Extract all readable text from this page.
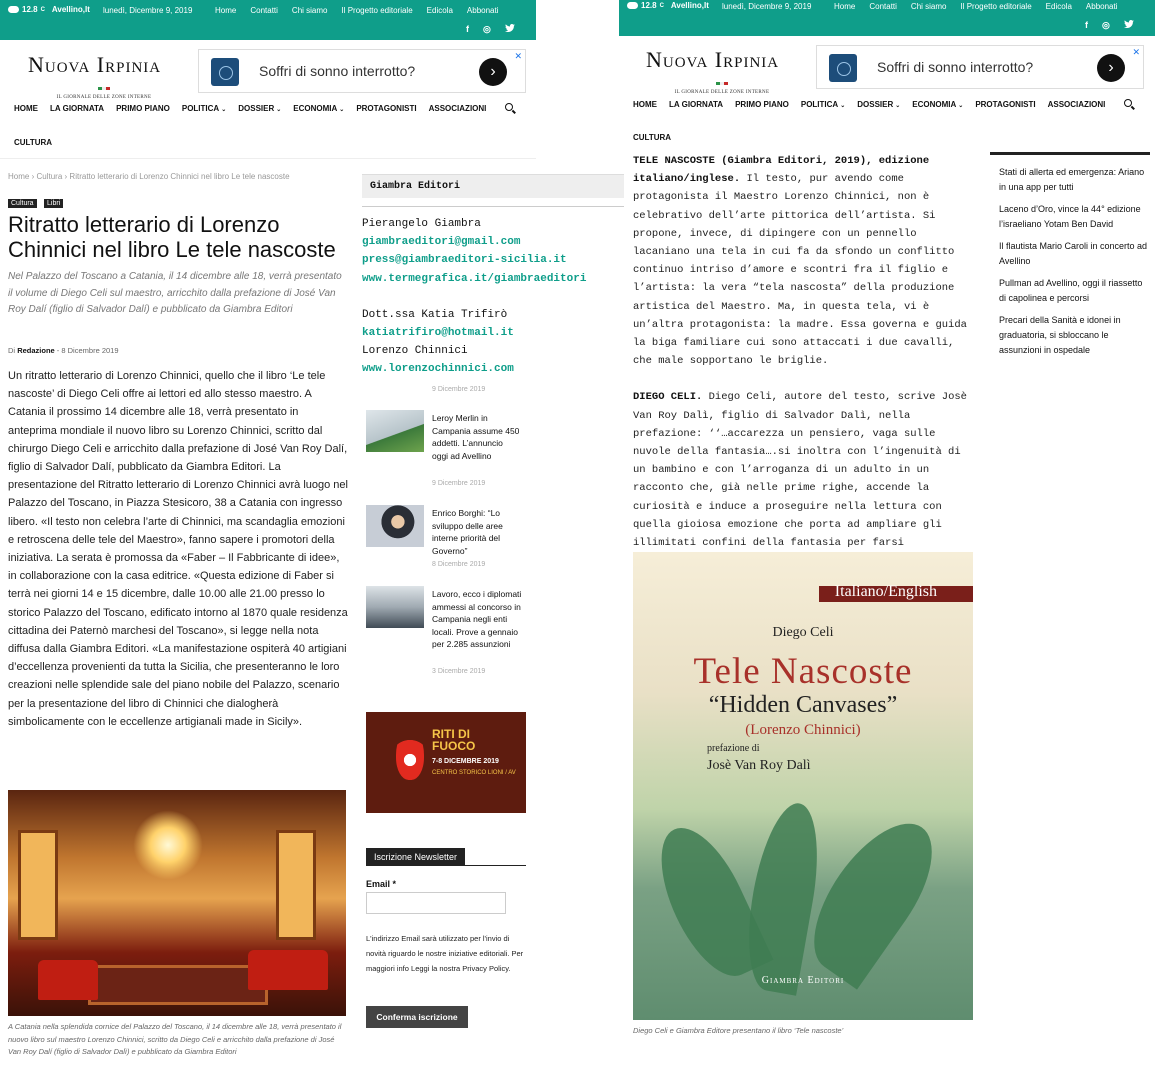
12.8 C Avellino,It lunedì, Dicembre 9, 2019	Home Contatti Chi siamo Il Progetto editoriale Edicola Abbonati
f ◎
Nuova Irpinia
IL GIORNALE DELLE ZONE INTERNE
Soffri di sonno interrotto?	›
✕
HOME LA GIORNATA PRIMO PIANO POLITICA ⌄ DOSSIER ⌄ ECONOMIA ⌄ PROTAGONISTI ASSOCIAZIONI
CULTURA
Home › Cultura › Ritratto letterario di Lorenzo Chinnici nel libro Le tele nascoste
Cultura Libri
Ritratto letterario di Lorenzo Chinnici nel libro Le tele nascoste

Nel Palazzo del Toscano a Catania, il 14 dicembre alle 18, verrà presentato il volume di Diego Celi sul maestro, arricchito dalla prefazione di José Van Roy Dalí (figlio di Salvador Dalí) e pubblicato da Giambra Editori

Di Redazione - 8 Dicembre 2019

Un ritratto letterario di Lorenzo Chinnici, quello che il libro ‘Le tele nascoste’ di Diego Celi offre ai lettori ed allo stesso maestro. A Catania il prossimo 14 dicembre alle 18, verrà presentato in anteprima mondiale il nuovo libro su Lorenzo Chinnici, scritto dal chirurgo Diego Celi e arricchito dalla prefazione di José Van Roy Dalí, figlio di Salvador Dalí, pubblicato da Giambra Editori. La presentazione del Ritratto letterario di Lorenzo Chinnici avrà luogo nel Palazzo del Toscano, in Piazza Stesicoro, 38 a Catania con ingresso libero. «Il testo non celebra l’arte di Chinnici, ma scandaglia emozioni e retroscena delle tele del Maestro», fanno sapere i promotori della iniziativa. La serata è promossa da «Faber – Il Fabbricante di idee», in collaborazione con la casa editrice. «Questa edizione di Faber si terrà nei giorni 14 e 15 dicembre, dalle 10.00 alle 21.00 presso lo storico Palazzo del Toscano, edificato intorno al 1870 quale residenza cittadina dei Paternò marchesi del Toscano», si legge nella nota diffusa dalla Giambra Editori. «La manifestazione ospiterà 40 artigiani d’eccellenza provenienti da tutta la Sicilia, che presenteranno le loro creazioni nelle splendide sale del piano nobile del Palazzo, scenario per la presentazione del libro di Chinnici che dialogherà simbolicamente con le eccellenze artigianali made in Sicily».

A Catania nella splendida cornice del Palazzo del Toscano, il 14 dicembre alle 18, verrà presentato il nuovo libro sul maestro Lorenzo Chinnici, scritto da Diego Celi e arricchito dalla prefazione di José Van Roy Dalí (figlio di Salvador Dalì) e pubblicato da Giambra Editori

Giambra Editori
Pierangelo Giambra
giambraeditori@gmail.com
press@giambraeditori-sicilia.it
www.termegrafica.it/giambraeditori
Dott.ssa Katia Trifirò
katiatrifiro@hotmail.it
Lorenzo Chinnici
www.lorenzochinnici.com
9 Dicembre 2019
Leroy Merlin in Campania assume 450 addetti. L’annuncio oggi ad Avellino
9 Dicembre 2019
Enrico Borghi: “Lo sviluppo delle aree interne priorità del Governo”
8 Dicembre 2019
Lavoro, ecco i diplomati ammessi al concorso in Campania negli enti locali. Prove a gennaio per 2.285 assunzioni
3 Dicembre 2019
RITI DI FUOCO
7-8 DICEMBRE 2019
CENTRO STORICO LIONI / AV
Iscrizione Newsletter
Email *

L'indirizzo Email sarà utilizzato per l'invio di novità riguardo le nostre iniziative editoriali. Per maggiori info Leggi la nostra Privacy Policy.

Conferma iscrizione
12.8 C Avellino,It lunedì, Dicembre 9, 2019	Home Contatti Chi siamo Il Progetto editoriale Edicola Abbonati
f ◎
Nuova Irpinia
IL GIORNALE DELLE ZONE INTERNE
Soffri di sonno interrotto?	›
✕
HOME LA GIORNATA PRIMO PIANO POLITICA ⌄ DOSSIER ⌄ ECONOMIA ⌄ PROTAGONISTI ASSOCIAZIONI
CULTURA

TELE NASCOSTE (Giambra Editori, 2019), edizione italiano/inglese. Il testo, pur avendo come protagonista il Maestro Lorenzo Chinnici, non è celebrativo dell’arte pittorica dell’artista. Si propone, invece, di dipingere con un pennello lacaniano una tela in cui fa da sfondo un conflitto continuo intriso d’amore e scontri fra il figlio e l’artista: la vera “tela nascosta” della produzione artistica del Maestro. Ma, in questa tela, vi è un’altra protagonista: la madre. Essa governa e guida la biga familiare cui sono attaccati i due cavalli, che male sopportano le briglie.

DIEGO CELI. Diego Celi, autore del testo, scrive Josè Van Roy Dalì, figlio di Salvador Dalì, nella prefazione: ‘‘…accarezza un pensiero, vaga sulle nuvole della fantasia….si inoltra con l’ingenuità di un bambino e con l’arroganza di un adulto in un racconto che, già nelle prime righe, accende la curiosità e induce a proseguire nella lettura con quella gioiosa emozione che porta ad ampliare gli illimitati confini della fantasia per farsi

Italiano/English
Diego Celi
Tele Nascoste
“Hidden Canvases”
(Lorenzo Chinnici)
prefazione di
Josè Van Roy Dalì
Giambra Editori

Diego Celi e Giambra Editore presentano il libro ‘Tele nascoste’

Stati di allerta ed emergenza: Ariano in una app per tutti

Laceno d’Oro, vince la 44° edizione l’israeliano Yotam Ben David

Il flautista Mario Caroli in concerto ad Avellino

Pullman ad Avellino, oggi il riassetto di capolinea e percorsi

Precari della Sanità e idonei in graduatoria, si sbloccano le assunzioni in ospedale
